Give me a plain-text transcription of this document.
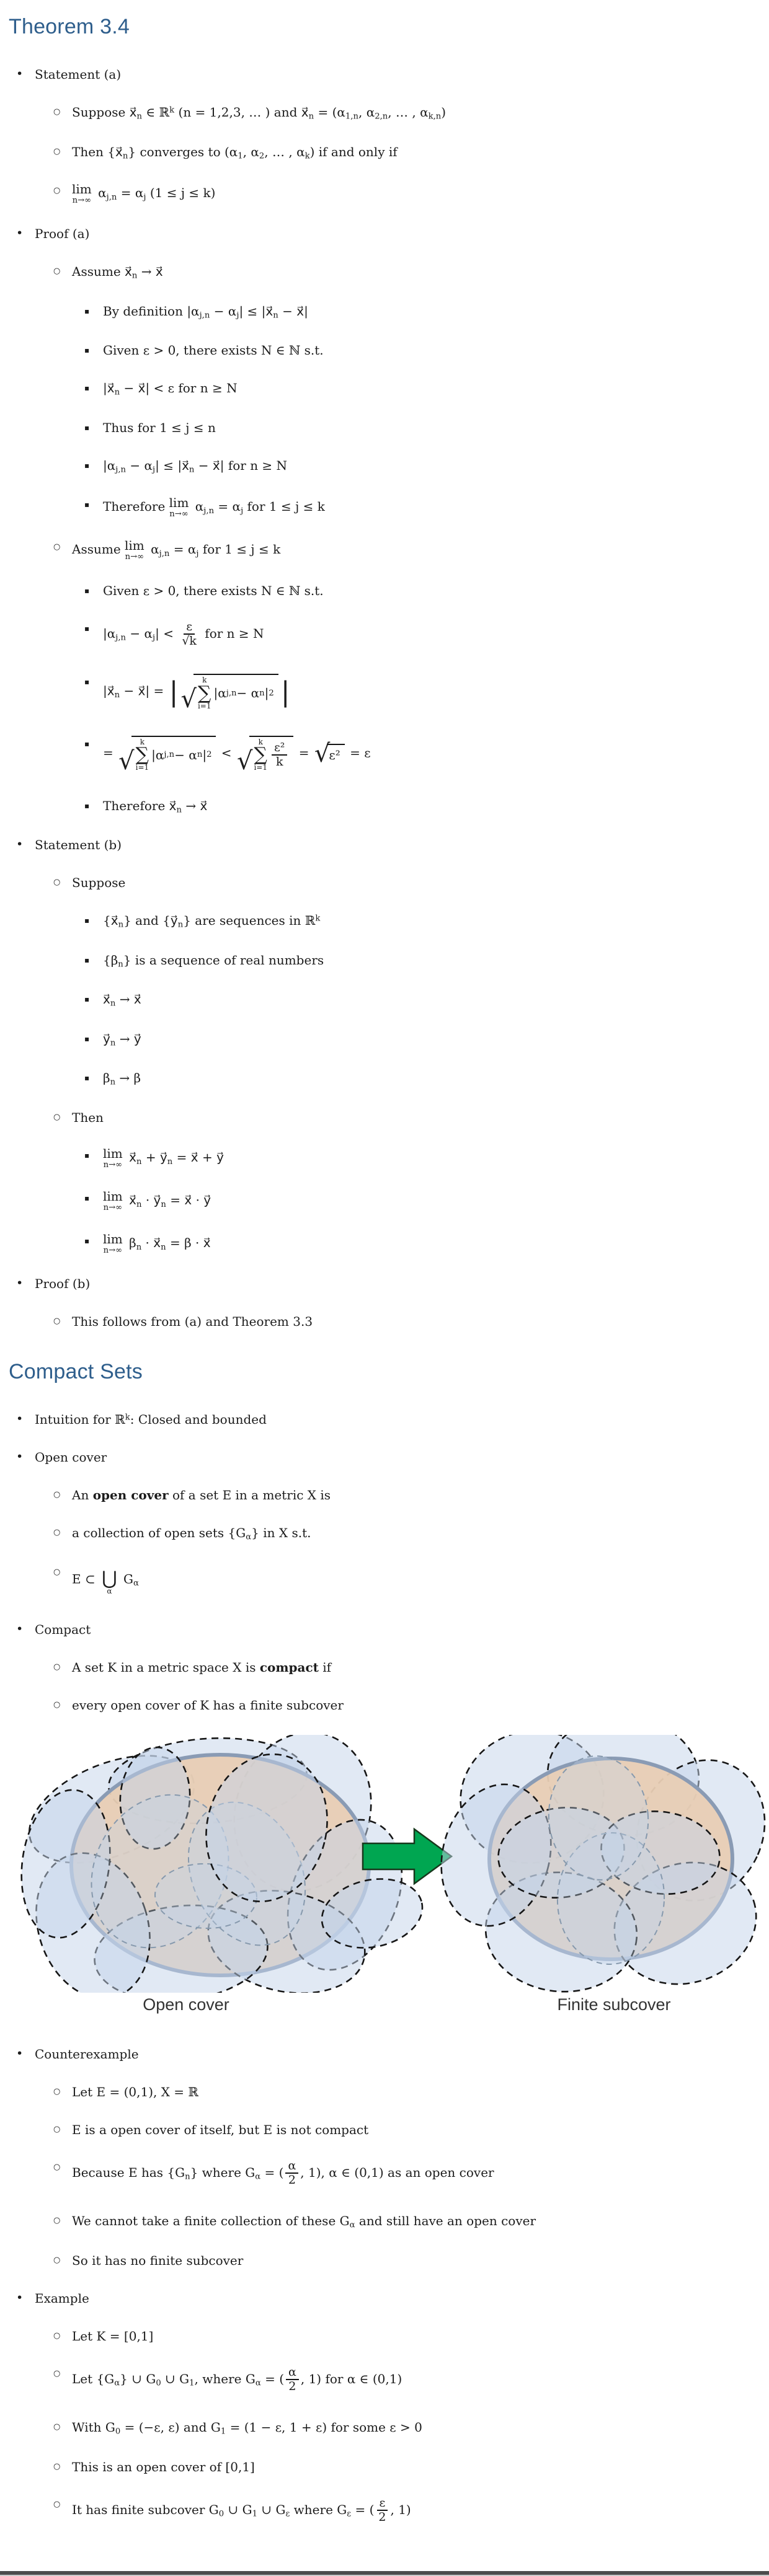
Theorem 3.4
• Statement (a)
○ Suppose $x⃗_n$ ∈ ℝ$^k$ (n = 1,2,3, … ) and $x⃗_n = (\alpha_{1,n}$, $\alpha_{2,n}$, … , $\alpha_{k,n}$)
○ Then $\{x⃗_n\}$ converges to ($\alpha_1$, $\alpha_2$, … , $\alpha_k$) if and only if
○ lim
n→∞
$\alpha_{j,n} = \alpha_j$ (1 ≤ j ≤ k)
• Proof (a)
○ Assume $x⃗_n$ → x⃗
▪	By definition $|\alpha_{j,n} - \alpha_j|$ ≤ $|x⃗_n$ − x⃗|
▪	Given ε > 0, there exists N ∈ ℕ s.t.
▪	$|x⃗_n$ − x⃗| < ε for n ≥ N
▪	Thus for 1 ≤ j ≤ n
▪	$|\alpha_{j,n} - \alpha_j|$ ≤ $|x⃗_n$ − x⃗| for n ≥ N
▪	Therefore lim
n→∞
$\alpha_{j,n} = \alpha_j$ for 1 ≤ j ≤ k
○ Assume lim
n→∞
$\alpha_{j,n} = \alpha_j$ for 1 ≤ j ≤ k
▪	Given ε > 0, there exists N ∈ ℕ s.t.
▪	$|\alpha_{j,n} - \alpha_j| < \frac{\varepsilon}{√k}$ for n ≥ N
▪
$|x⃗_n$ − x⃗| = | √
k
∑
i=1
|α j,n − α n | 2 |
▪
= √
k
∑
i=1
|α j,n − α n | 2 < √
k
∑
$i=1 \frac{\text{ε²}}{k}$ = √
ε² = ε
▪	Therefore $x⃗_n$ → x⃗
• Statement (b)
○ Suppose
▪	$\{x⃗_n\}$ and $\{y⃗_n\}$ are sequences in ℝ$^k$
▪	$\{\beta_n\}$ is a sequence of real numbers
▪	$x⃗_n$ → x⃗
▪	$y⃗_n$ → y⃗
▪	$\beta_n \to \beta$
○ Then
▪	lim
n→∞
$x⃗_n$ + $y⃗_n$ = x⃗ + y⃗
▪	lim
n→∞
$x⃗_n$ · $y⃗_n$ = x⃗ · y⃗
▪	lim
n→∞
$\beta_n$ · $x⃗_n = \beta$ · x⃗
• Proof (b)
○ This follows from (a) and Theorem 3.3
Compact Sets
• Intuition for ℝ$^k$: Closed and bounded
• Open cover
○ An open cover of a set E in a metric X is
○ a collection of open sets $\{G_\alpha\}$ in X s.t.
○ E ⊂ ⋃
α
$G_\alpha$
• Compact
○ A set K in a metric space X is compact if
○ every open cover of K has a finite subcover
Open cover	Finite subcover
• Counterexample
○ Let E = (0,1), X = ℝ
○ E is a open cover of itself, but E is not compact
○ Because E has $\{G_n\}$ where $G_\alpha$ = ( $\frac{\alpha}{2}$ , 1), α ∈ (0,1) as an open cover
○ We cannot take a finite collection of these $G_\alpha$ and still have an open cover
○ So it has no finite subcover
• Example
○ Let K = [0,1]
○ Let $\{G_\alpha\}$ ∪ $G_0$ ∪ $G_1$, where $G_\alpha$ = ( $\frac{\alpha}{2}$ , 1) for α ∈ (0,1)
○ With $G_0 = (-\varepsilon$, ε) and $G_1 = (1 - \varepsilon$, 1 + ε) for some ε > 0
○ This is an open cover of [0,1]
○ It has finite subcover $G_0$ ∪ $G_1$ ∪ $G_\varepsilon$ where $G_\varepsilon$ = ( $\frac{\varepsilon}{2}$ , 1)
